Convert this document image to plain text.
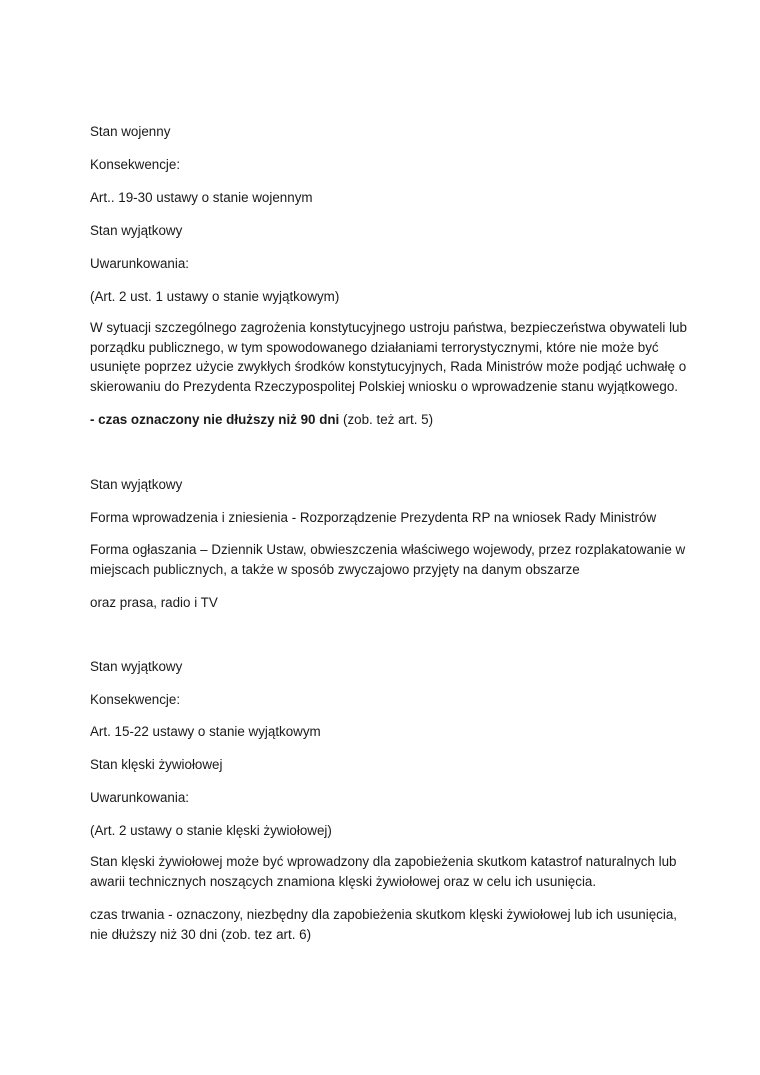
Stan wojenny
Konsekwencje:
Art.. 19-30 ustawy o stanie wojennym
Stan wyjątkowy
Uwarunkowania:
(Art. 2 ust. 1 ustawy o stanie wyjątkowym)
W sytuacji szczególnego zagrożenia konstytucyjnego ustroju państwa, bezpieczeństwa obywateli lub
porządku publicznego, w tym spowodowanego działaniami terrorystycznymi, które nie może być
usunięte poprzez użycie zwykłych środków konstytucyjnych, Rada Ministrów może podjąć uchwałę o
skierowaniu do Prezydenta Rzeczypospolitej Polskiej wniosku o wprowadzenie stanu wyjątkowego.
- czas oznaczony nie dłuższy niż 90 dni (zob. też art. 5)
Stan wyjątkowy
Forma wprowadzenia i zniesienia - Rozporządzenie Prezydenta RP na wniosek Rady Ministrów
Forma ogłaszania – Dziennik Ustaw, obwieszczenia właściwego wojewody, przez rozplakatowanie w
miejscach publicznych, a także w sposób zwyczajowo przyjęty na danym obszarze
oraz prasa, radio i TV
Stan wyjątkowy
Konsekwencje:
Art. 15-22 ustawy o stanie wyjątkowym
Stan klęski żywiołowej
Uwarunkowania:
(Art. 2 ustawy o stanie klęski żywiołowej)
Stan klęski żywiołowej może być wprowadzony dla zapobieżenia skutkom katastrof naturalnych lub
awarii technicznych noszących znamiona klęski żywiołowej oraz w celu ich usunięcia.
czas trwania - oznaczony, niezbędny dla zapobieżenia skutkom klęski żywiołowej lub ich usunięcia,
nie dłuższy niż 30 dni (zob. tez art. 6)
